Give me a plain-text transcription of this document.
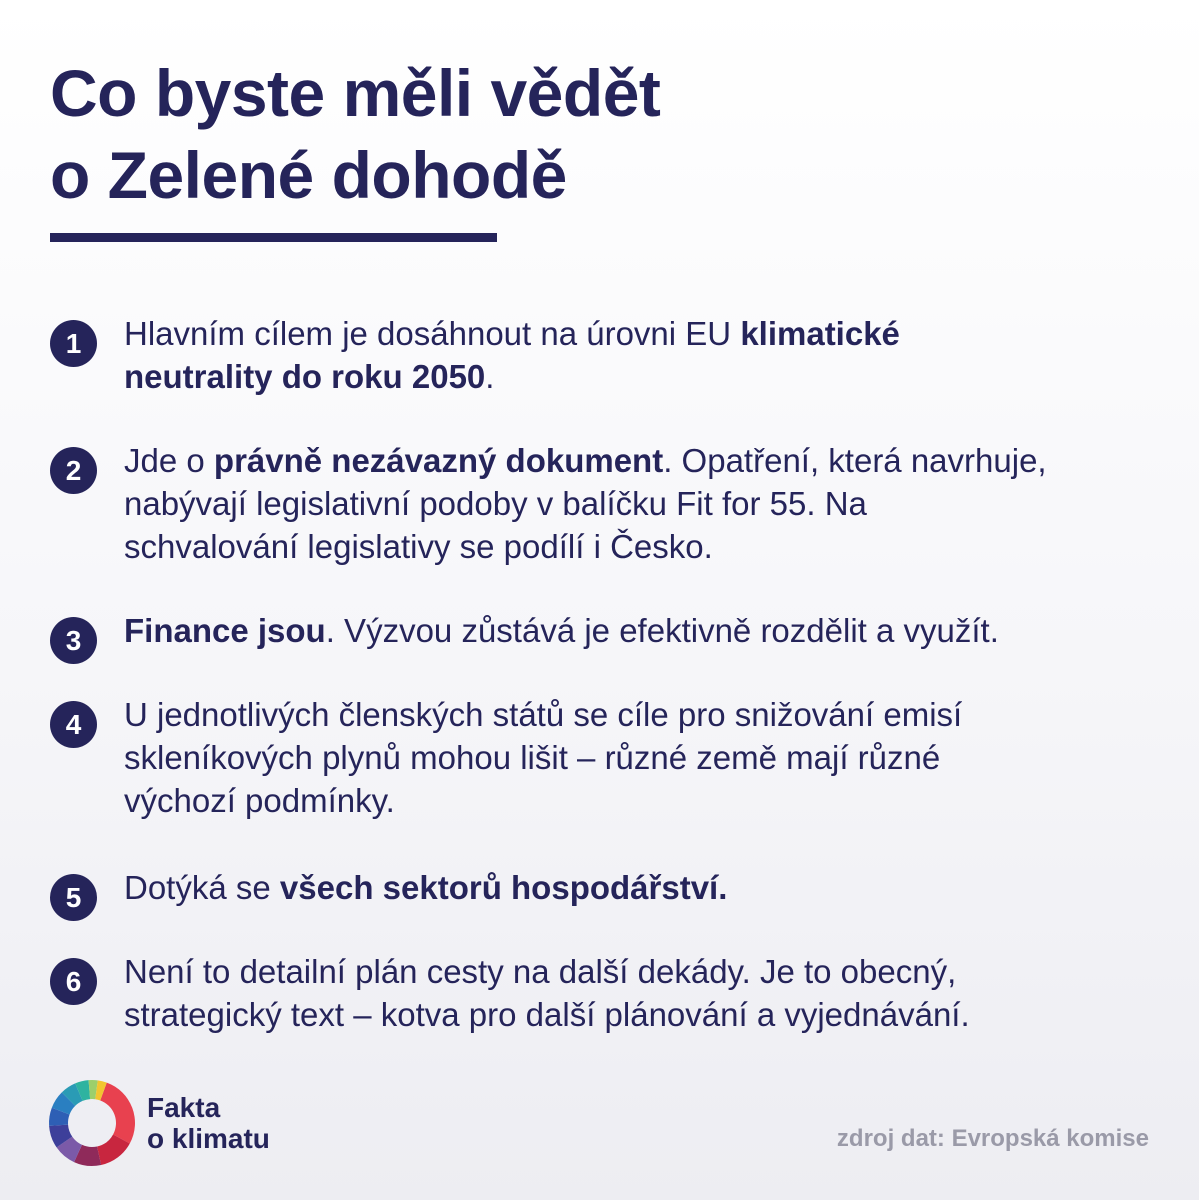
Co byste měli vědět
o Zelené dohodě
1	Hlavním cílem je dosáhnout na úrovni EU klimatické
neutrality do roku 2050.

2	Jde o právně nezávazný dokument. Opatření, která navrhuje,
nabývají legislativní podoby v balíčku Fit for 55. Na
schvalování legislativy se podílí i Česko.

3	Finance jsou. Výzvou zůstává je efektivně rozdělit a využít.

4	U jednotlivých členských států se cíle pro snižování emisí
skleníkových plynů mohou lišit – různé země mají různé
výchozí podmínky.

5	Dotýká se všech sektorů hospodářství.

6	Není to detailní plán cesty na další dekády. Je to obecný,
strategický text – kotva pro další plánování a vyjednávání.

Fakta
o klimatu	zdroj dat: Evropská komise
